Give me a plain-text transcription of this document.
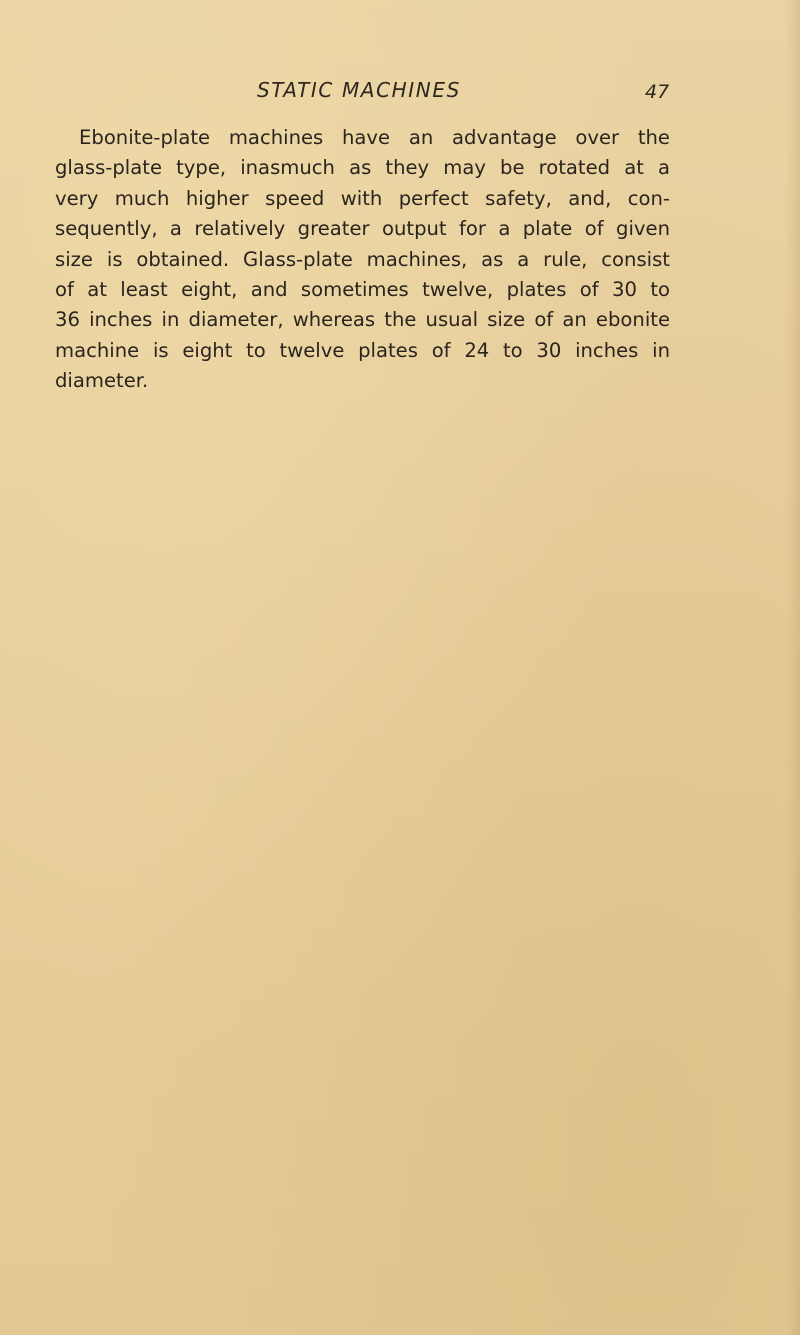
STATIC MACHINES	47
Ebonite-plate machines have an advantage over the
glass-plate type, inasmuch as they may be rotated at a
very much higher speed with perfect safety, and, con-
sequently, a relatively greater output for a plate of given
size is obtained. Glass-plate machines, as a rule, consist
of at least eight, and sometimes twelve, plates of 30 to
36 inches in diameter, whereas the usual size of an ebonite
machine is eight to twelve plates of 24 to 30 inches in
diameter.
